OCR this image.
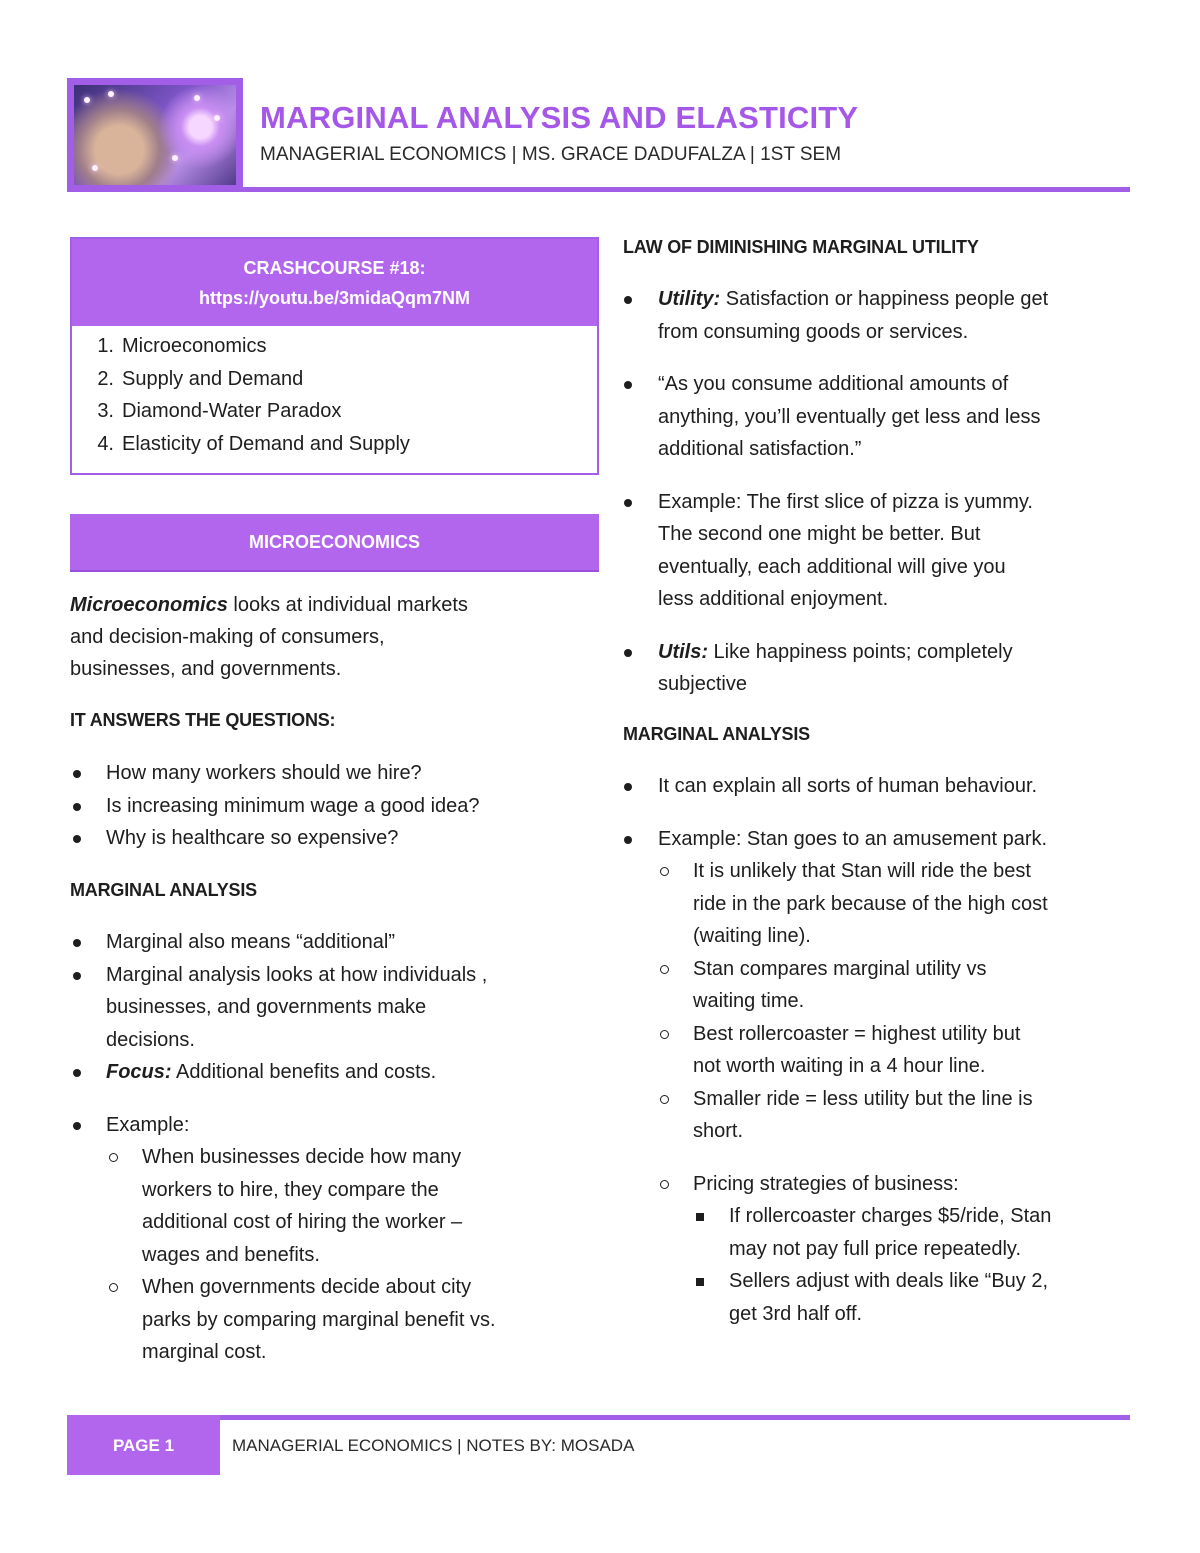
MARGINAL ANALYSIS AND ELASTICITY
MANAGERIAL ECONOMICS | MS. GRACE DADUFALZA | 1ST SEM
CRASHCOURSE #18:
https://youtu.be/3midaQqm7NM
1. Microeconomics
2. Supply and Demand
3. Diamond-Water Paradox
4. Elasticity of Demand and Supply
MICROECONOMICS

Microeconomics looks at individual markets

and decision-making of consumers,

businesses, and governments.

IT ANSWERS THE QUESTIONS:
How many workers should we hire?
Is increasing minimum wage a good idea?
Why is healthcare so expensive?
MARGINAL ANALYSIS
Marginal also means “additional”
Marginal analysis looks at how individuals ,
businesses, and governments make
decisions.
Focus: Additional benefits and costs.
Example:
When businesses decide how many
workers to hire, they compare the
additional cost of hiring the worker –
wages and benefits.
When governments decide about city
parks by comparing marginal benefit vs.
marginal cost.
LAW OF DIMINISHING MARGINAL UTILITY
Utility: Satisfaction or happiness people get
from consuming goods or services.
“As you consume additional amounts of
anything, you’ll eventually get less and less
additional satisfaction.”
Example: The first slice of pizza is yummy.
The second one might be better. But
eventually, each additional will give you
less additional enjoyment.
Utils: Like happiness points; completely
subjective
MARGINAL ANALYSIS
It can explain all sorts of human behaviour.
Example: Stan goes to an amusement park.
It is unlikely that Stan will ride the best
ride in the park because of the high cost
(waiting line).
Stan compares marginal utility vs
waiting time.
Best rollercoaster = highest utility but
not worth waiting in a 4 hour line.
Smaller ride = less utility but the line is
short.
Pricing strategies of business:
If rollercoaster charges $5/ride, Stan
may not pay full price repeatedly.
Sellers adjust with deals like “Buy 2,
get 3rd half off.
PAGE 1	MANAGERIAL ECONOMICS | NOTES BY: MOSADA
